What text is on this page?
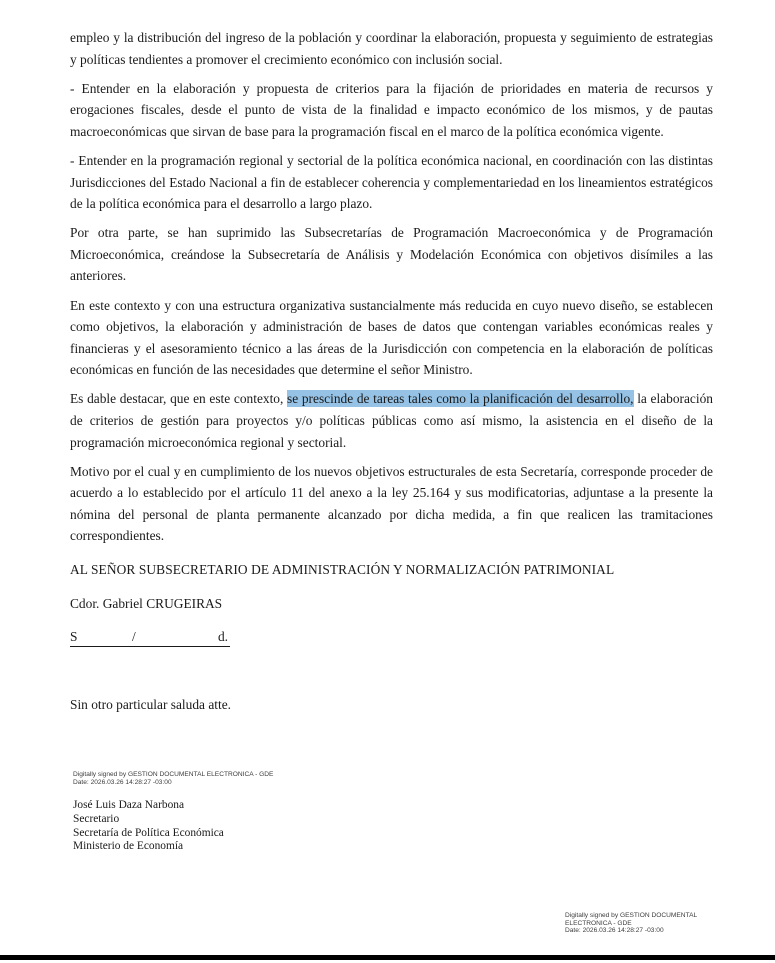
empleo y la distribución del ingreso de la población y coordinar la elaboración, propuesta y seguimiento de estrategias y políticas tendientes a promover el crecimiento económico con inclusión social.

- Entender en la elaboración y propuesta de criterios para la fijación de prioridades en materia de recursos y erogaciones fiscales, desde el punto de vista de la finalidad e impacto económico de los mismos, y de pautas macroeconómicas que sirvan de base para la programación fiscal en el marco de la política económica vigente.

- Entender en la programación regional y sectorial de la política económica nacional, en coordinación con las distintas Jurisdicciones del Estado Nacional a fin de establecer coherencia y complementariedad en los lineamientos estratégicos de la política económica para el desarrollo a largo plazo.

Por otra parte, se han suprimido las Subsecretarías de Programación Macroeconómica y de Programación Microeconómica, creándose la Subsecretaría de Análisis y Modelación Económica con objetivos disímiles a las anteriores.

En este contexto y con una estructura organizativa sustancialmente más reducida en cuyo nuevo diseño, se establecen como objetivos, la elaboración y administración de bases de datos que contengan variables económicas reales y financieras y el asesoramiento técnico a las áreas de la Jurisdicción con competencia en la elaboración de políticas económicas en función de las necesidades que determine el señor Ministro.

Es dable destacar, que en este contexto, se prescinde de tareas tales como la planificación del desarrollo, la elaboración de criterios de gestión para proyectos y/o políticas públicas como así mismo, la asistencia en el diseño de la programación microeconómica regional y sectorial.

Motivo por el cual y en cumplimiento de los nuevos objetivos estructurales de esta Secretaría, corresponde proceder de acuerdo a lo establecido por el artículo 11 del anexo a la ley 25.164 y sus modificatorias, adjuntase a la presente la nómina del personal de planta permanente alcanzado por dicha medida, a fin que realicen las tramitaciones correspondientes.

AL SEÑOR SUBSECRETARIO DE ADMINISTRACIÓN Y NORMALIZACIÓN PATRIMONIAL
Cdor. Gabriel CRUGEIRAS
S	/	d.
Sin otro particular saluda atte.
Digitally signed by GESTION DOCUMENTAL ELECTRONICA - GDE
Date: 2026.03.26 14:28:27 -03:00
José Luis Daza Narbona
Secretario
Secretaría de Política Económica
Ministerio de Economía
Digitally signed by GESTION DOCUMENTAL
ELECTRONICA - GDE
Date: 2026.03.26 14:28:27 -03:00
